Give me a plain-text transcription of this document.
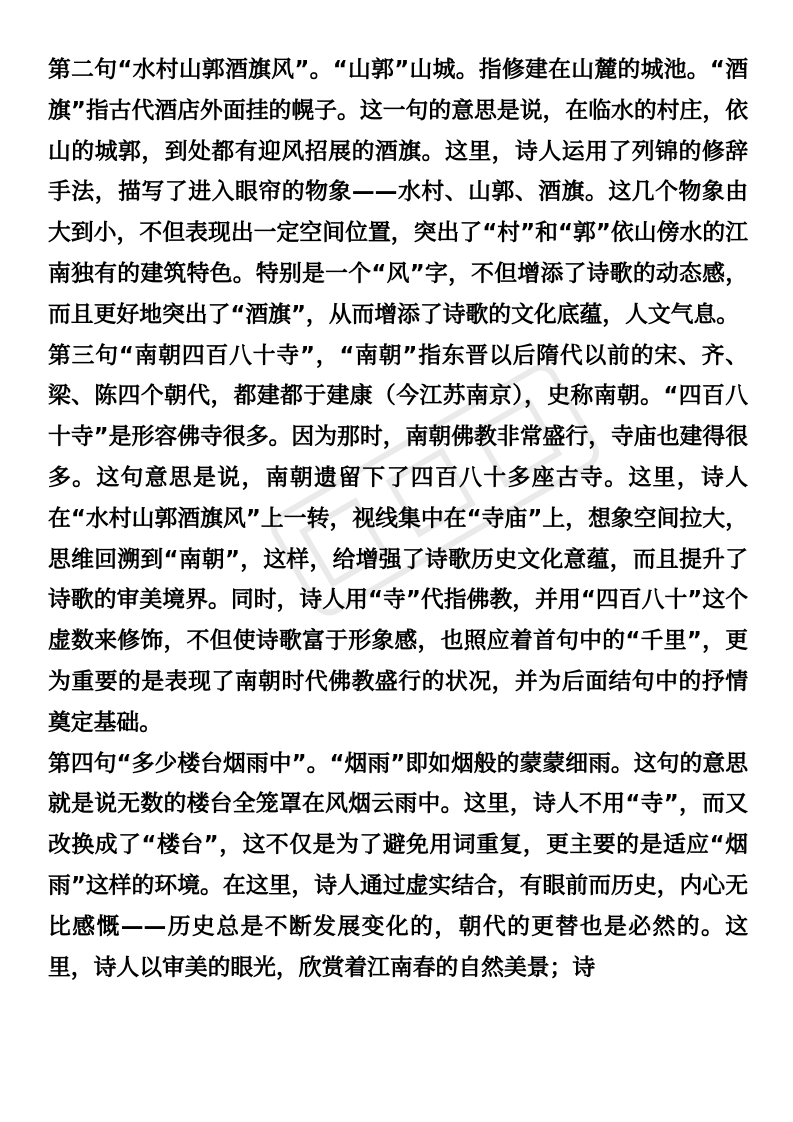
第二句“水村山郭酒旗风”。“山郭”山城。指修建在山麓的城池。“酒旗”指古代酒店外面挂的幌子。这一句的意思是说，在临水的村庄，依山的城郭，到处都有迎风招展的酒旗。这里，诗人运用了列锦的修辞手法，描写了进入眼帘的物象——水村、山郭、酒旗。这几个物象由大到小，不但表现出一定空间位置，突出了“村”和“郭”依山傍水的江南独有的建筑特色。特别是一个“风”字，不但增添了诗歌的动态感，而且更好地突出了“酒旗”，从而增添了诗歌的文化底蕴，人文气息。

第三句“南朝四百八十寺”，“南朝”指东晋以后隋代以前的宋、齐、梁、陈四个朝代，都建都于建康（今江苏南京），史称南朝。“四百八十寺”是形容佛寺很多。因为那时，南朝佛教非常盛行，寺庙也建得很多。这句意思是说，南朝遗留下了四百八十多座古寺。这里，诗人在“水村山郭酒旗风”上一转，视线集中在“寺庙”上，想象空间拉大，思维回溯到“南朝”，这样，给增强了诗歌历史文化意蕴，而且提升了诗歌的审美境界。同时，诗人用“寺”代指佛教，并用“四百八十”这个虚数来修饰，不但使诗歌富于形象感，也照应着首句中的“千里”，更为重要的是表现了南朝时代佛教盛行的状况，并为后面结句中的抒情奠定基础。

第四句“多少楼台烟雨中”。“烟雨”即如烟般的蒙蒙细雨。这句的意思就是说无数的楼台全笼罩在风烟云雨中。这里，诗人不用“寺”，而又改换成了“楼台”，这不仅是为了避免用词重复，更主要的是适应“烟雨”这样的环境。在这里，诗人通过虚实结合，有眼前而历史，内心无比感慨——历史总是不断发展变化的，朝代的更替也是必然的。这里，诗人以审美的眼光，欣赏着江南春的自然美景；诗
